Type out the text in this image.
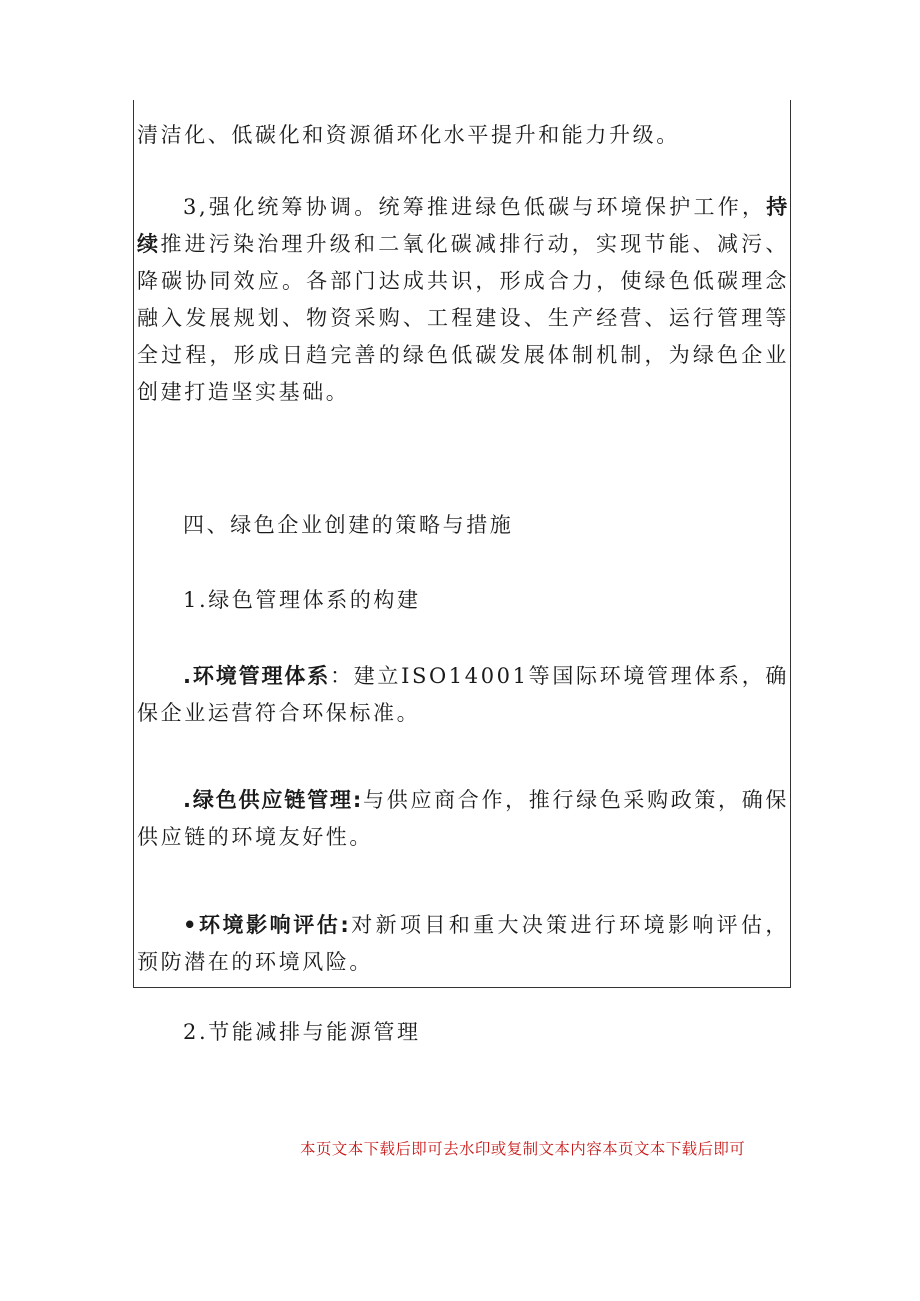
清洁化、低碳化和资源循环化水平提升和能力升级。

3,强化统筹协调。统筹推进绿色低碳与环境保护工作，持续推进污染治理升级和二氧化碳减排行动，实现节能、减污、降碳协同效应。各部门达成共识，形成合力，使绿色低碳理念融入发展规划、物资采购、工程建设、生产经营、运行管理等全过程，形成日趋完善的绿色低碳发展体制机制，为绿色企业创建打造坚实基础。

四、绿色企业创建的策略与措施
1.绿色管理体系的构建

.环境管理体系：建立ISO14001等国际环境管理体系，确保企业运营符合环保标准。

.绿色供应链管理:与供应商合作，推行绿色采购政策，确保供应链的环境友好性。

•环境影响评估:对新项目和重大决策进行环境影响评估，预防潜在的环境风险。

2.节能减排与能源管理
本页文本下载后即可去水印或复制文本内容本页文本下载后即可
